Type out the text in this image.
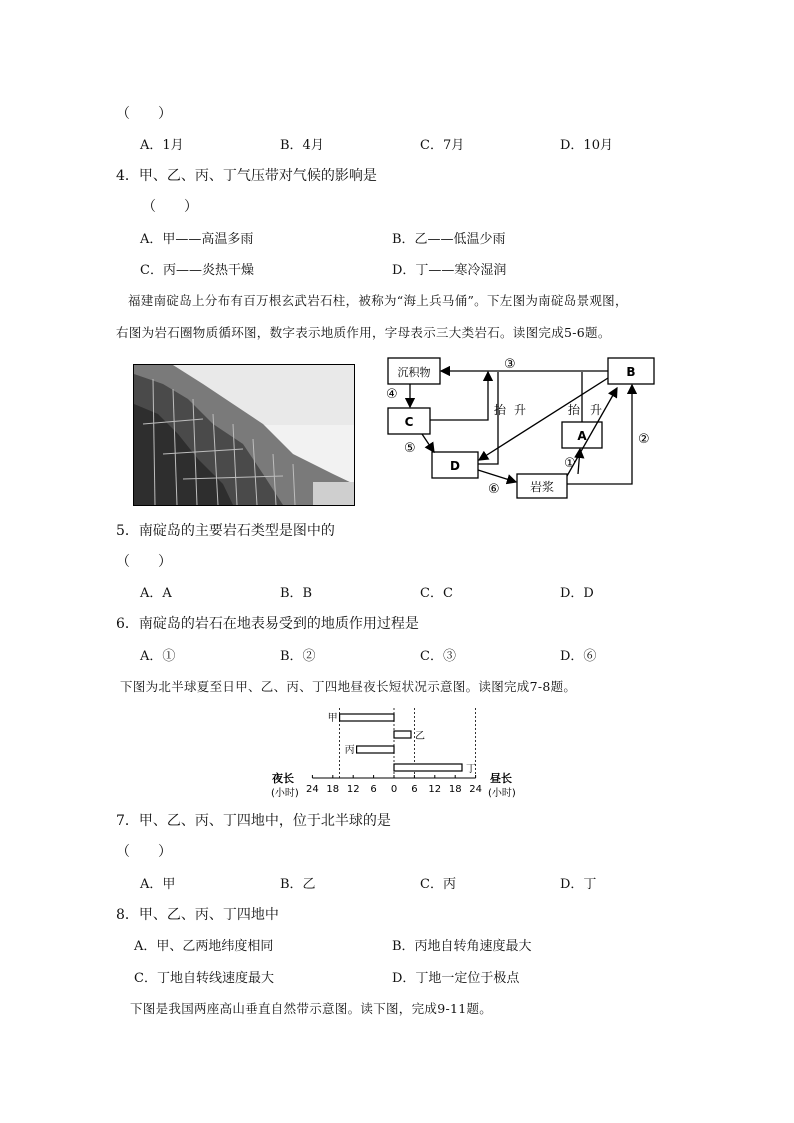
（　　）
A．1月	B．4月	C．7月	D．10月
4．甲、乙、丙、丁气压带对气候的影响是
（　　）
A．甲——高温多雨	B．乙——低温少雨
C．丙——炎热干燥	D．丁——寒冷湿润
福建南碇岛上分布有百万根玄武岩石柱，被称为“海上兵马俑”。下左图为南碇岛景观图，
右图为岩石圈物质循环图，数字表示地质作用，字母表示三大类岩石。读图完成5-6题。
沉积物	B
C
A
D
岩浆
①
②
③
④
⑤
⑥
抬 升	抬 升
5．南碇岛的主要岩石类型是图中的
（　　）
A．A	B．B	C．C	D．D
6．南碇岛的岩石在地表易受到的地质作用过程是
A．①	B．②	C．③	D．⑥
下图为北半球夏至日甲、乙、丙、丁四地昼夜长短状况示意图。读图完成7-8题。
甲
乙
丙
丁
24 18 12 6 0 6 12 18 24
夜长
(小时)
昼长
(小时)
7．甲、乙、丙、丁四地中，位于北半球的是
（　　）
A．甲	B．乙	C．丙	D．丁
8．甲、乙、丙、丁四地中
A．甲、乙两地纬度相同	B．丙地自转角速度最大
C．丁地自转线速度最大	D．丁地一定位于极点
下图是我国两座高山垂直自然带示意图。读下图，完成9-11题。
